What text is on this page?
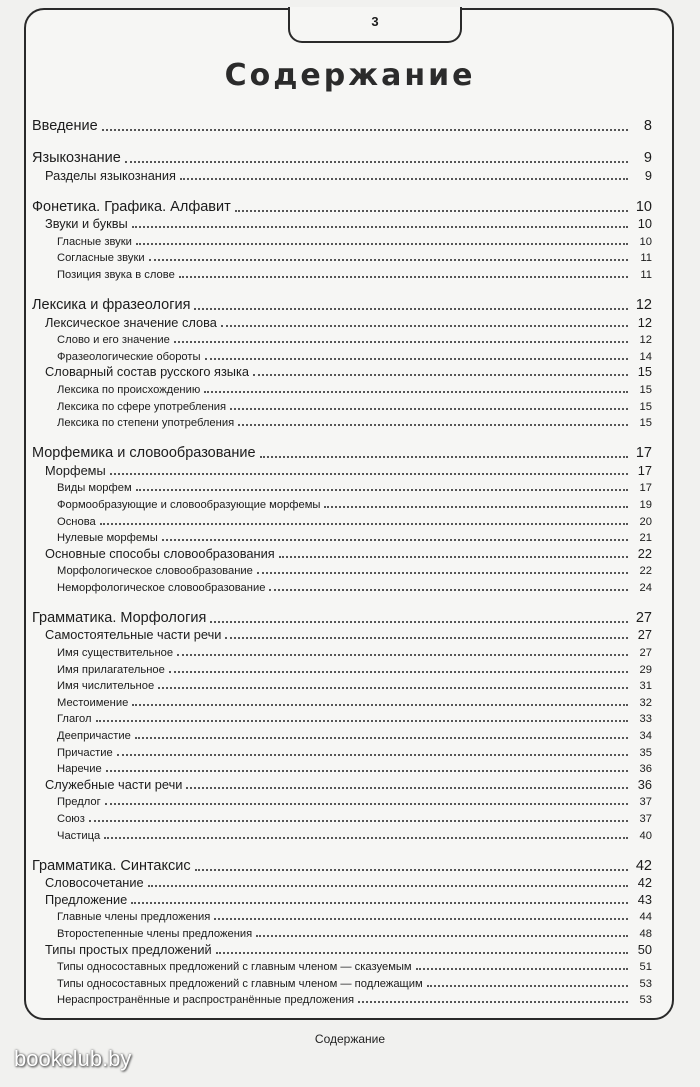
3
Содержание
Введение	8
Языкознание	9
Разделы языкознания	9
Фонетика. Графика. Алфавит	10
Звуки и буквы	10
Гласные звуки	10
Согласные звуки	11
Позиция звука в слове	11
Лексика и фразеология	12
Лексическое значение слова	12
Слово и его значение	12
Фразеологические обороты	14
Словарный состав русского языка	15
Лексика по происхождению	15
Лексика по сфере употребления	15
Лексика по степени употребления	15
Морфемика и словообразование	17
Морфемы	17
Виды морфем	17
Формообразующие и словообразующие морфемы	19
Основа	20
Нулевые морфемы	21
Основные способы словообразования	22
Морфологическое словообразование	22
Неморфологическое словообразование	24
Грамматика. Морфология	27
Самостоятельные части речи	27
Имя существительное	27
Имя прилагательное	29
Имя числительное	31
Местоимение	32
Глагол	33
Деепричастие	34
Причастие	35
Наречие	36
Служебные части речи	36
Предлог	37
Союз	37
Частица	40
Грамматика. Синтаксис	42
Словосочетание	42
Предложение	43
Главные члены предложения	44
Второстепенные члены предложения	48
Типы простых предложений	50
Типы односоставных предложений с главным членом — сказуемым	51
Типы односоставных предложений с главным членом — подлежащим	53
Нераспространённые и распространённые предложения	53
Содержание
bookclub.by
